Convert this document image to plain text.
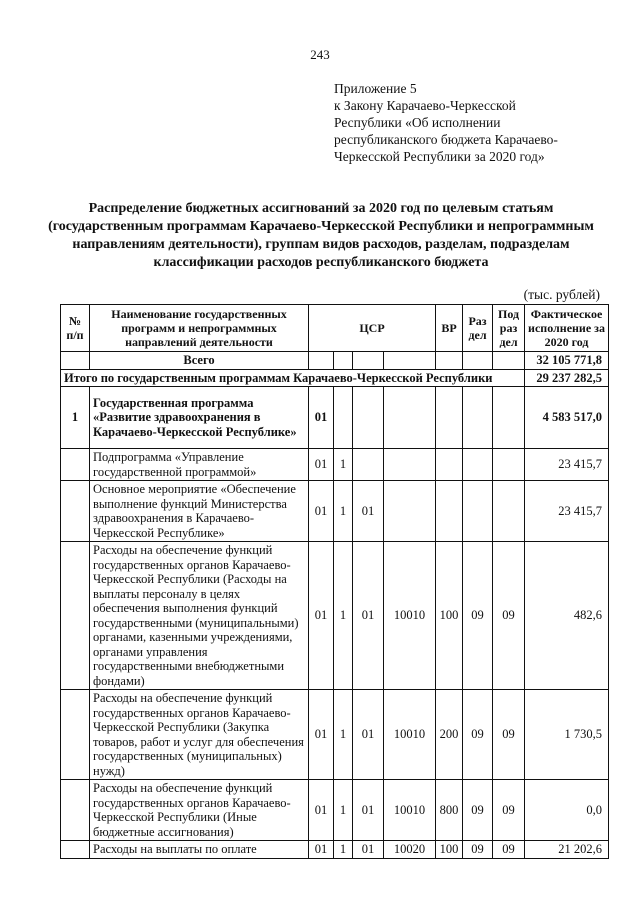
243
Приложение 5
к Закону Карачаево-Черкесской
Республики «Об исполнении
республиканского бюджета Карачаево-
Черкесской Республики за 2020 год»
Распределение бюджетных ассигнований за 2020 год по целевым статьям (государственным программам Карачаево-Черкесской Республики и непрограммным направлениям деятельности), группам видов расходов, разделам, подразделам классификации расходов республиканского бюджета
(тыс. рублей)
№ п/п	Наименование государственных программ и непрограммных направлений деятельности	ЦСР				ВР	Раз дел	Под раз дел	Фактическое исполнение за 2020 год
	Всего								32 105 771,8
Итого по государственным программам Карачаево-Черкесской Республики									29 237 282,5
1	Государственная программа «Развитие здравоохранения в Карачаево-Черкесской Республике»	01							4 583 517,0
	Подпрограмма «Управление государственной программой»	01	1						23 415,7
	Основное мероприятие «Обеспечение выполнение функций Министерства здравоохранения в Карачаево-Черкесской Республике»	01	1	01					23 415,7
	Расходы на обеспечение функций государственных органов Карачаево-Черкесской Республики (Расходы на выплаты персоналу в целях обеспечения выполнения функций государственными (муниципальными) органами, казенными учреждениями, органами управления государственными внебюджетными фондами)	01	1	01	10010	100	09	09	482,6
	Расходы на обеспечение функций государственных органов Карачаево-Черкесской Республики (Закупка товаров, работ и услуг для обеспечения государственных (муниципальных) нужд)	01	1	01	10010	200	09	09	1 730,5
	Расходы на обеспечение функций государственных органов Карачаево-Черкесской Республики (Иные бюджетные ассигнования)	01	1	01	10010	800	09	09	0,0
	Расходы на выплаты по оплате	01	1	01	10020	100	09	09	21 202,6
